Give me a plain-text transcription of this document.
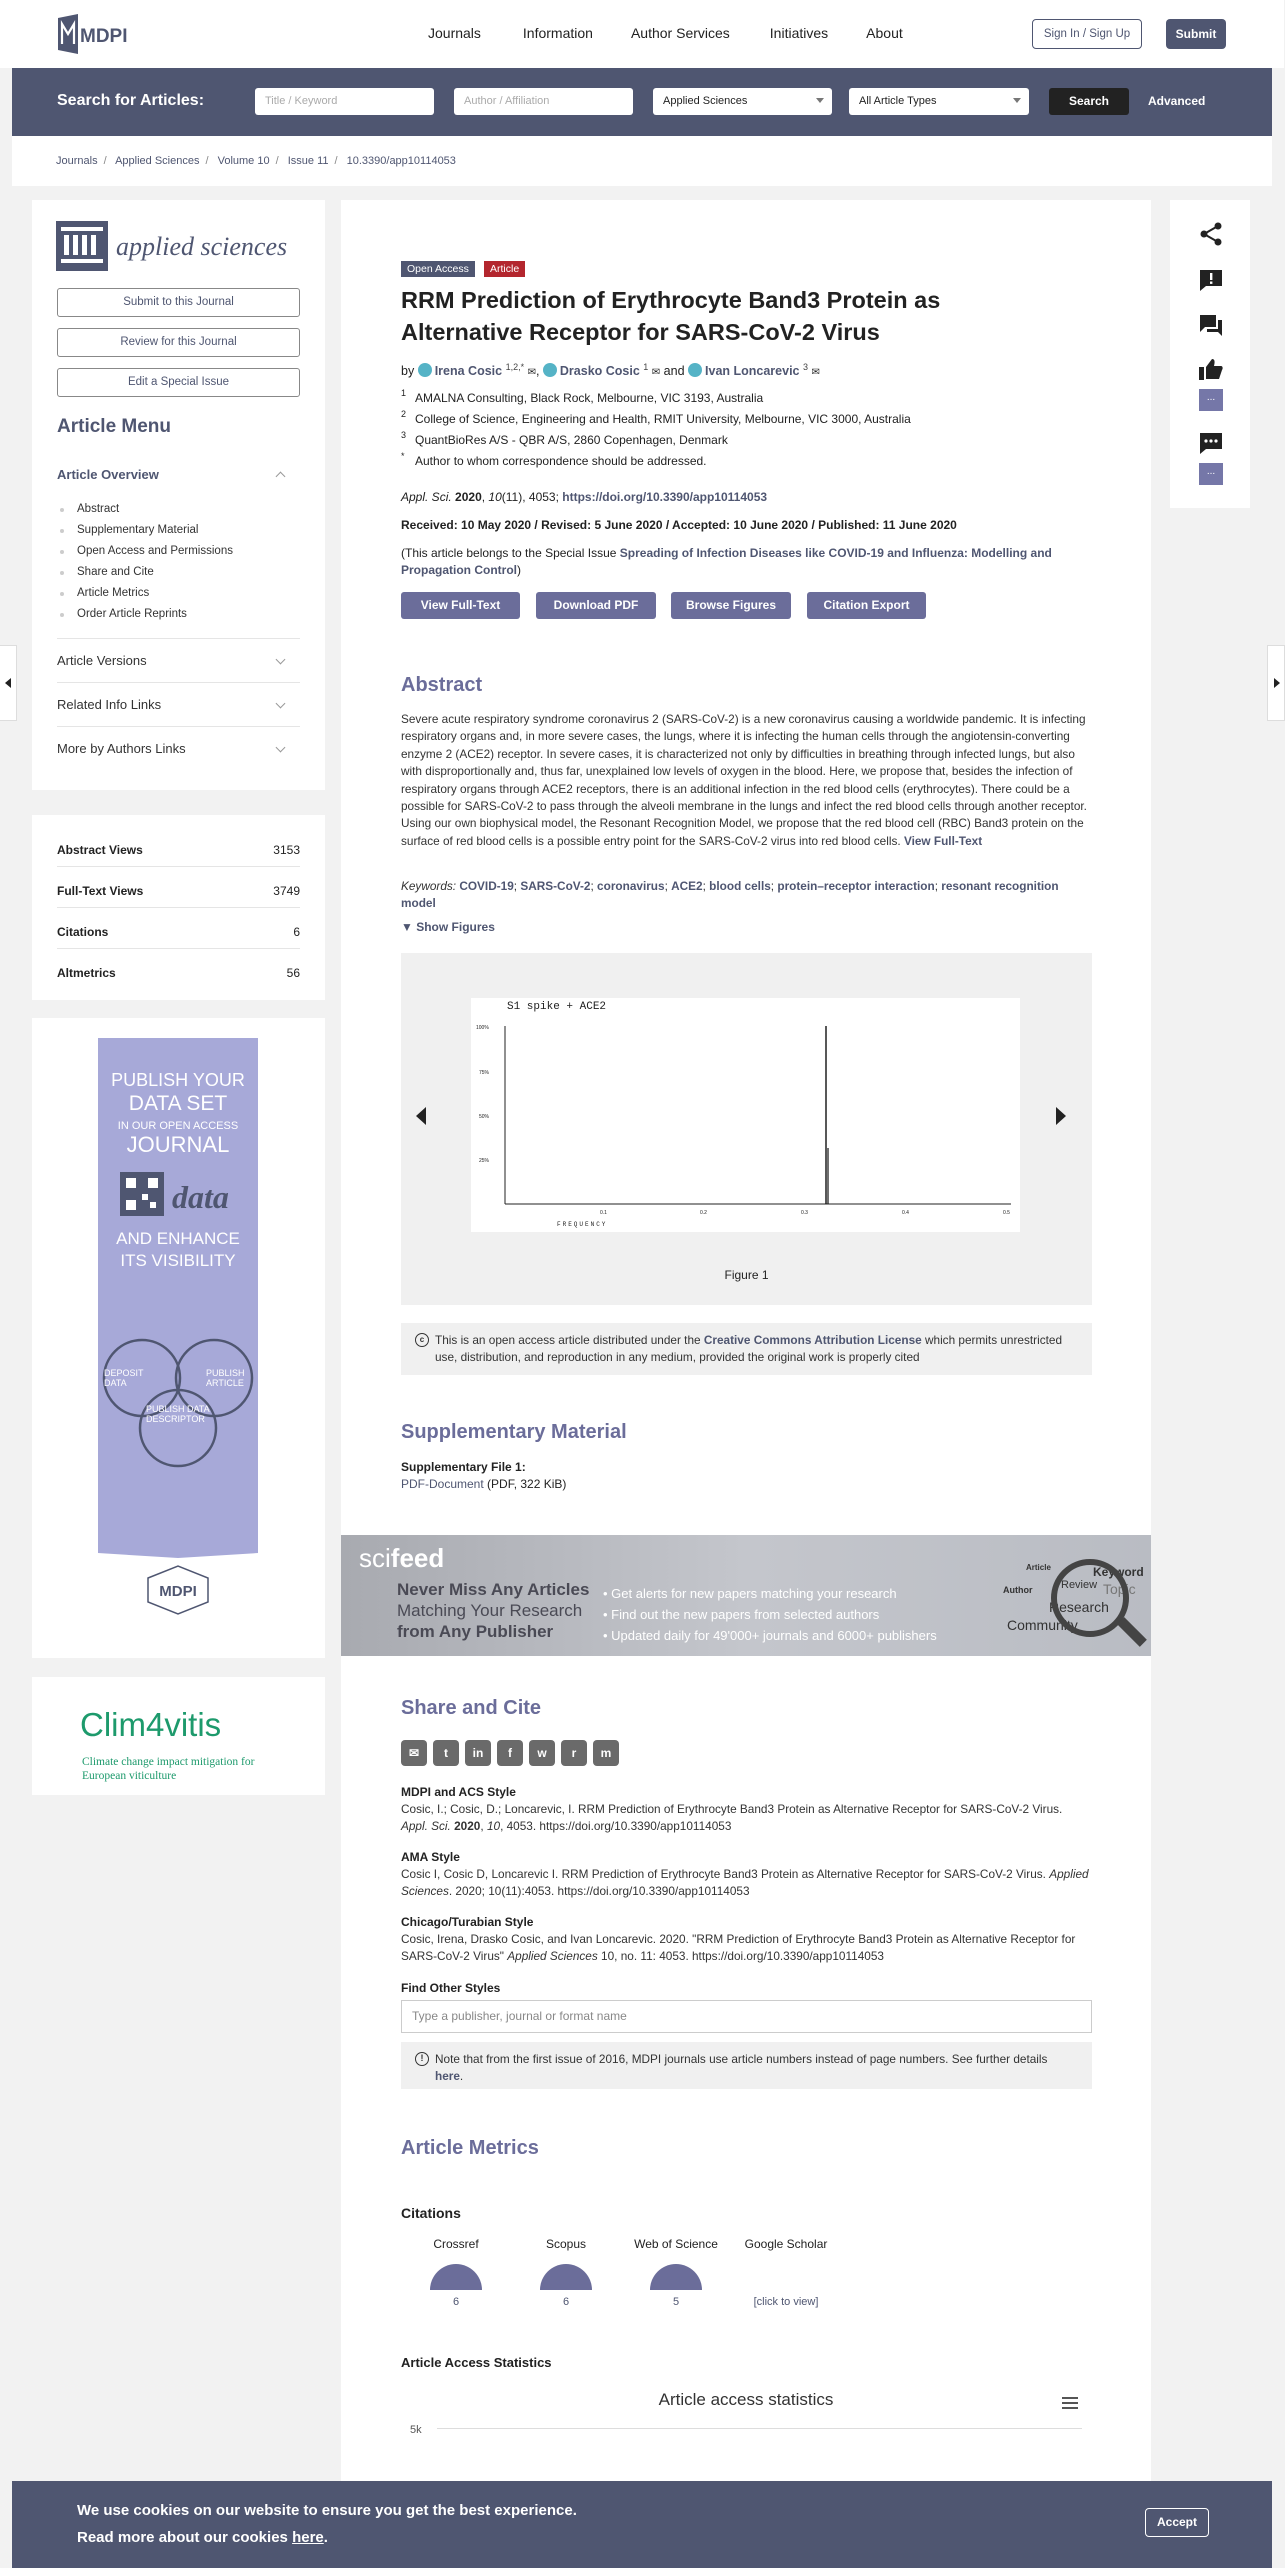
MDPI	Journals	Information	Author Services	Initiatives	About	Sign In / Sign Up	Submit
Search for Articles:	Title / Keyword	Author / Affiliation	Applied Sciences	All Article Types	Search	Advanced
Journals / Applied Sciences / Volume 10 / Issue 11 / 10.3390/app10114053
applied sciences
Submit to this Journal
Review for this Journal
Edit a Special Issue
Article Menu
Article Overview
Abstract
Supplementary Material
Open Access and Permissions
Share and Cite
Article Metrics
Order Article Reprints
Article Versions
Related Info Links
More by Authors Links
Abstract Views	3153
Full-Text Views	3749
Citations	6
Altmetrics	56
PUBLISH YOUR
DATA SET
IN OUR OPEN ACCESS
JOURNAL
data
AND ENHANCE
ITS VISIBILITY
DEPOSIT DATA
PUBLISH ARTICLE
PUBLISH DATA DESCRIPTOR
MDPI
Clim4vitis
Climate change impact mitigation for European viticulture
Open Access	Article
RRM Prediction of Erythrocyte Band3 Protein as Alternative Receptor for SARS-CoV-2 Virus
by Irena Cosic $^{1,2,*}$ ✉, Drasko Cosic $^1$ ✉ and Ivan Loncarevic $^3$ ✉
1 AMALNA Consulting, Black Rock, Melbourne, VIC 3193, Australia
2 College of Science, Engineering and Health, RMIT University, Melbourne, VIC 3000, Australia
3 QuantBioRes A/S - QBR A/S, 2860 Copenhagen, Denmark
* Author to whom correspondence should be addressed.
Appl. Sci. 2020, 10(11), 4053; https://doi.org/10.3390/app10114053
Received: 10 May 2020 / Revised: 5 June 2020 / Accepted: 10 June 2020 / Published: 11 June 2020
(This article belongs to the Special Issue Spreading of Infection Diseases like COVID-19 and Influenza: Modelling and Propagation Control)
View Full-Text	Download PDF	Browse Figures	Citation Export
Abstract
Severe acute respiratory syndrome coronavirus 2 (SARS-CoV-2) is a new coronavirus causing a worldwide pandemic. It is infecting respiratory organs and, in more severe cases, the lungs, where it is infecting the human cells through the angiotensin-converting enzyme 2 (ACE2) receptor. In severe cases, it is characterized not only by difficulties in breathing through infected lungs, but also with disproportionally and, thus far, unexplained low levels of oxygen in the blood. Here, we propose that, besides the infection of respiratory organs through ACE2 receptors, there is an additional infection in the red blood cells (erythrocytes). There could be a possible for SARS-CoV-2 to pass through the alveoli membrane in the lungs and infect the red blood cells through another receptor. Using our own biophysical model, the Resonant Recognition Model, we propose that the red blood cell (RBC) Band3 protein on the surface of red blood cells is a possible entry point for the SARS-CoV-2 virus into red blood cells. View Full-Text
Keywords: COVID-19; SARS-CoV-2; coronavirus; ACE2; blood cells; protein–receptor interaction; resonant recognition model
▼ Show Figures
S1 spike + ACE2
100%
75%
50%
25%
0.1	0.2	0.3	0.4	0.5
FREQUENCY
Figure 1
c This is an open access article distributed under the Creative Commons Attribution License which permits unrestricted use, distribution, and reproduction in any medium, provided the original work is properly cited
Supplementary Material
Supplementary File 1:
PDF-Document (PDF, 322 KiB)
scifeed
Never Miss Any Articles
Matching Your Research
from Any Publisher
• Get alerts for new papers matching your research
• Find out the new papers from selected authors
• Updated daily for 49'000+ journals and 6000+ publishers
Article
Author
Keyword
Review
Research
Community
Topic
Share and Cite
✉	t	in	f	w	r	m
MDPI and ACS Style
Cosic, I.; Cosic, D.; Loncarevic, I. RRM Prediction of Erythrocyte Band3 Protein as Alternative Receptor for SARS-CoV-2 Virus. Appl. Sci. 2020, 10, 4053. https://doi.org/10.3390/app10114053
AMA Style
Cosic I, Cosic D, Loncarevic I. RRM Prediction of Erythrocyte Band3 Protein as Alternative Receptor for SARS-CoV-2 Virus. Applied Sciences. 2020; 10(11):4053. https://doi.org/10.3390/app10114053
Chicago/Turabian Style
Cosic, Irena, Drasko Cosic, and Ivan Loncarevic. 2020. "RRM Prediction of Erythrocyte Band3 Protein as Alternative Receptor for SARS-CoV-2 Virus" Applied Sciences 10, no. 11: 4053. https://doi.org/10.3390/app10114053
Find Other Styles
Type a publisher, journal or format name
! Note that from the first issue of 2016, MDPI journals use article numbers instead of page numbers. See further details here.
Article Metrics
Citations
Crossref	Scopus	Web of Science	Google Scholar
6	6	5	[click to view]
Article Access Statistics
Article access statistics
5k
...
...
We use cookies on our website to ensure you get the best experience.
Read more about our cookies here.
Accept
